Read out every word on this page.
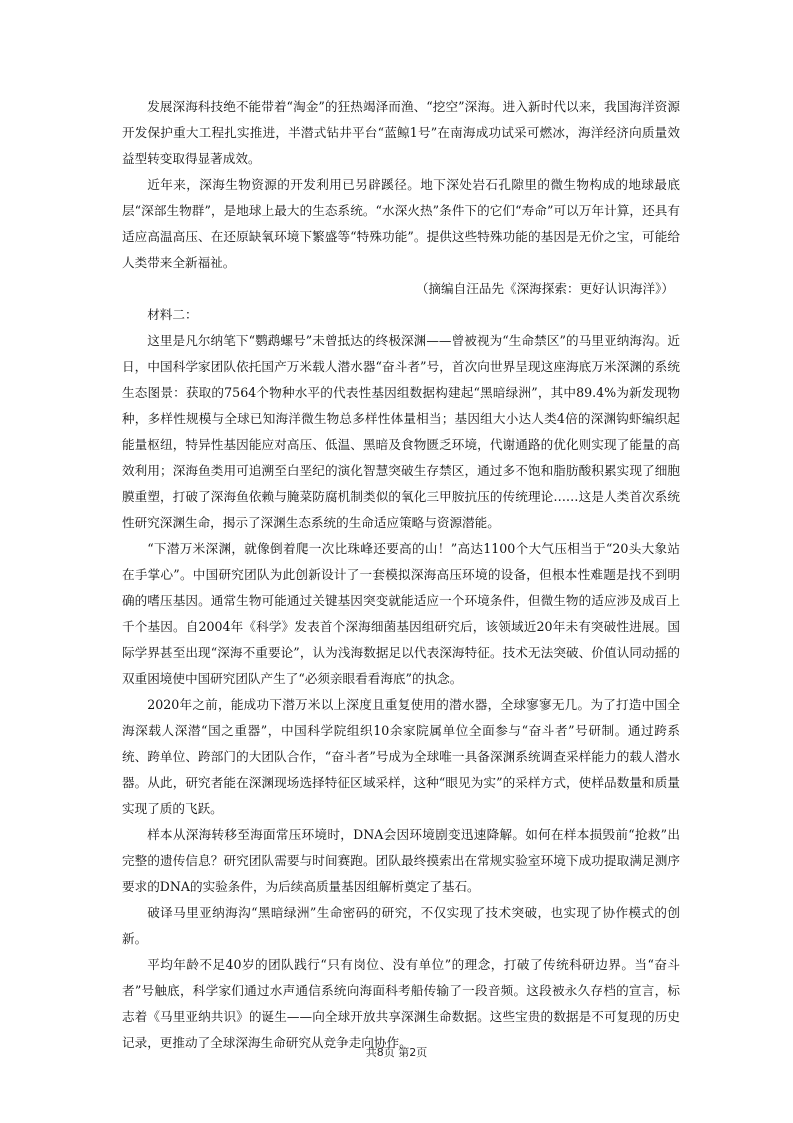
发展深海科技绝不能带着“淘金”的狂热竭泽而渔、“挖空”深海。进入新时代以来，我国海洋资源开发保护重大工程扎实推进，半潜式钻井平台“蓝鲸1号”在南海成功试采可燃冰，海洋经济向质量效益型转变取得显著成效。

近年来，深海生物资源的开发利用已另辟蹊径。地下深处岩石孔隙里的微生物构成的地球最底层“深部生物群”，是地球上最大的生态系统。“水深火热”条件下的它们“寿命”可以万年计算，还具有适应高温高压、在还原缺氧环境下繁盛等“特殊功能”。提供这些特殊功能的基因是无价之宝，可能给人类带来全新福祉。

（摘编自汪品先《深海探索：更好认识海洋》）

材料二：

这里是凡尔纳笔下“鹦鹉螺号”未曾抵达的终极深渊——曾被视为“生命禁区”的马里亚纳海沟。近日，中国科学家团队依托国产万米载人潜水器“奋斗者”号，首次向世界呈现这座海底万米深渊的系统生态图景：获取的7564个物种水平的代表性基因组数据构建起“黑暗绿洲”，其中89.4%为新发现物种，多样性规模与全球已知海洋微生物总多样性体量相当；基因组大小达人类4倍的深渊钩虾编织起能量枢纽，特异性基因能应对高压、低温、黑暗及食物匮乏环境，代谢通路的优化则实现了能量的高效利用；深海鱼类用可追溯至白垩纪的演化智慧突破生存禁区，通过多不饱和脂肪酸积累实现了细胞膜重塑，打破了深海鱼依赖与腌菜防腐机制类似的氧化三甲胺抗压的传统理论……这是人类首次系统性研究深渊生命，揭示了深渊生态系统的生命适应策略与资源潜能。

“下潜万米深渊，就像倒着爬一次比珠峰还要高的山！”高达1100个大气压相当于“20头大象站在手掌心”。中国研究团队为此创新设计了一套模拟深海高压环境的设备，但根本性难题是找不到明确的嗜压基因。通常生物可能通过关键基因突变就能适应一个环境条件，但微生物的适应涉及成百上千个基因。自2004年《科学》发表首个深海细菌基因组研究后，该领域近20年未有突破性进展。国际学界甚至出现“深海不重要论”，认为浅海数据足以代表深海特征。技术无法突破、价值认同动摇的双重困境使中国研究团队产生了“必须亲眼看看海底”的执念。

2020年之前，能成功下潜万米以上深度且重复使用的潜水器，全球寥寥无几。为了打造中国全海深载人深潜“国之重器”，中国科学院组织10余家院属单位全面参与“奋斗者”号研制。通过跨系统、跨单位、跨部门的大团队合作，“奋斗者”号成为全球唯一具备深渊系统调查采样能力的载人潜水器。从此，研究者能在深渊现场选择特征区域采样，这种“眼见为实”的采样方式，使样品数量和质量实现了质的飞跃。

样本从深海转移至海面常压环境时，DNA会因环境剧变迅速降解。如何在样本损毁前“抢救”出完整的遗传信息？研究团队需要与时间赛跑。团队最终摸索出在常规实验室环境下成功提取满足测序要求的DNA的实验条件，为后续高质量基因组解析奠定了基石。

破译马里亚纳海沟“黑暗绿洲”生命密码的研究，不仅实现了技术突破，也实现了协作模式的创新。

平均年龄不足40岁的团队践行“只有岗位、没有单位”的理念，打破了传统科研边界。当“奋斗者”号触底，科学家们通过水声通信系统向海面科考船传输了一段音频。这段被永久存档的宣言，标志着《马里亚纳共识》的诞生——向全球开放共享深渊生命数据。这些宝贵的数据是不可复现的历史记录，更推动了全球深海生命研究从竞争走向协作。

共8页 第2页
